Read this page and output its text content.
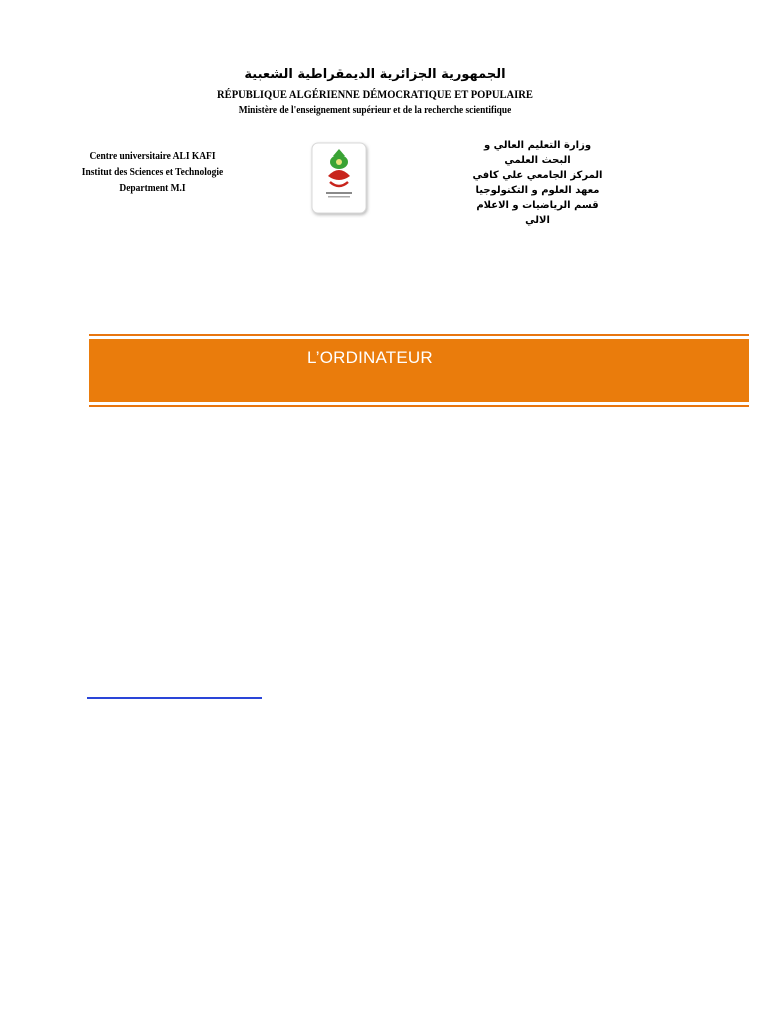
الجمهورية الجزائرية الديمقراطية الشعبية
RÉPUBLIQUE ALGÉRIENNE DÉMOCRATIQUE ET POPULAIRE
Ministère de l'enseignement supérieur et de la recherche scientifique
Centre universitaire ALI KAFI
Institut des Sciences et Technologie
Department M.I
وزارة التعليم العالي و البحث العلمي
المركز الجامعي علي كافي
معهد العلوم و التكنولوجيا
قسم الرياضيات و الاعلام الالي
L’ORDINATEUR
